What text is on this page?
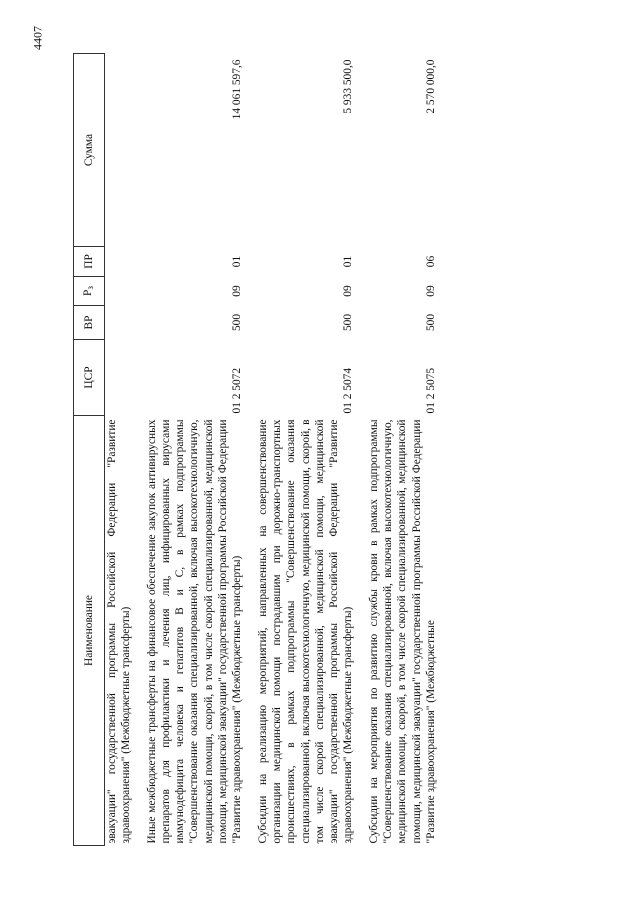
4407
Наименование	ЦСР	ВР	$Р_з$	ПР	Сумма
эвакуации" государственной программы Российской Федерации "Развитие здравоохранения" (Межбюджетные трансферты)					
Иные межбюджетные трансферты на финансовое обеспечение закупок антивирусных препаратов для профилактики и лечения лиц, инфицированных вирусами иммунодефицита человека и гепатитов B и C, в рамках подпрограммы "Совершенствование оказания специализированной, включая высокотехнологичную, медицинской помощи, скорой, в том числе скорой специализированной, медицинской помощи, медицинской эвакуации" государственной программы Российской Федерации "Развитие здравоохранения" (Межбюджетные трансферты)	01 2 5072	500	09	01	14 061 597,6
Субсидии на реализацию мероприятий, направленных на совершенствование организации медицинской помощи пострадавшим при дорожно-транспортных происшествиях, в рамках подпрограммы "Совершенствование оказания специализированной, включая высокотехнологичную, медицинской помощи, скорой, в том числе скорой специализированной, медицинской помощи, медицинской эвакуации" государственной программы Российской Федерации "Развитие здравоохранения" (Межбюджетные трансферты)	01 2 5074	500	09	01	5 933 500,0
Субсидии на мероприятия по развитию службы крови в рамках подпрограммы "Совершенствование оказания специализированной, включая высокотехнологичную, медицинской помощи, скорой, в том числе скорой специализированной, медицинской помощи, медицинской эвакуации" государственной программы Российской Федерации "Развитие здравоохранения" (Межбюджетные	01 2 5075	500	09	06	2 570 000,0
